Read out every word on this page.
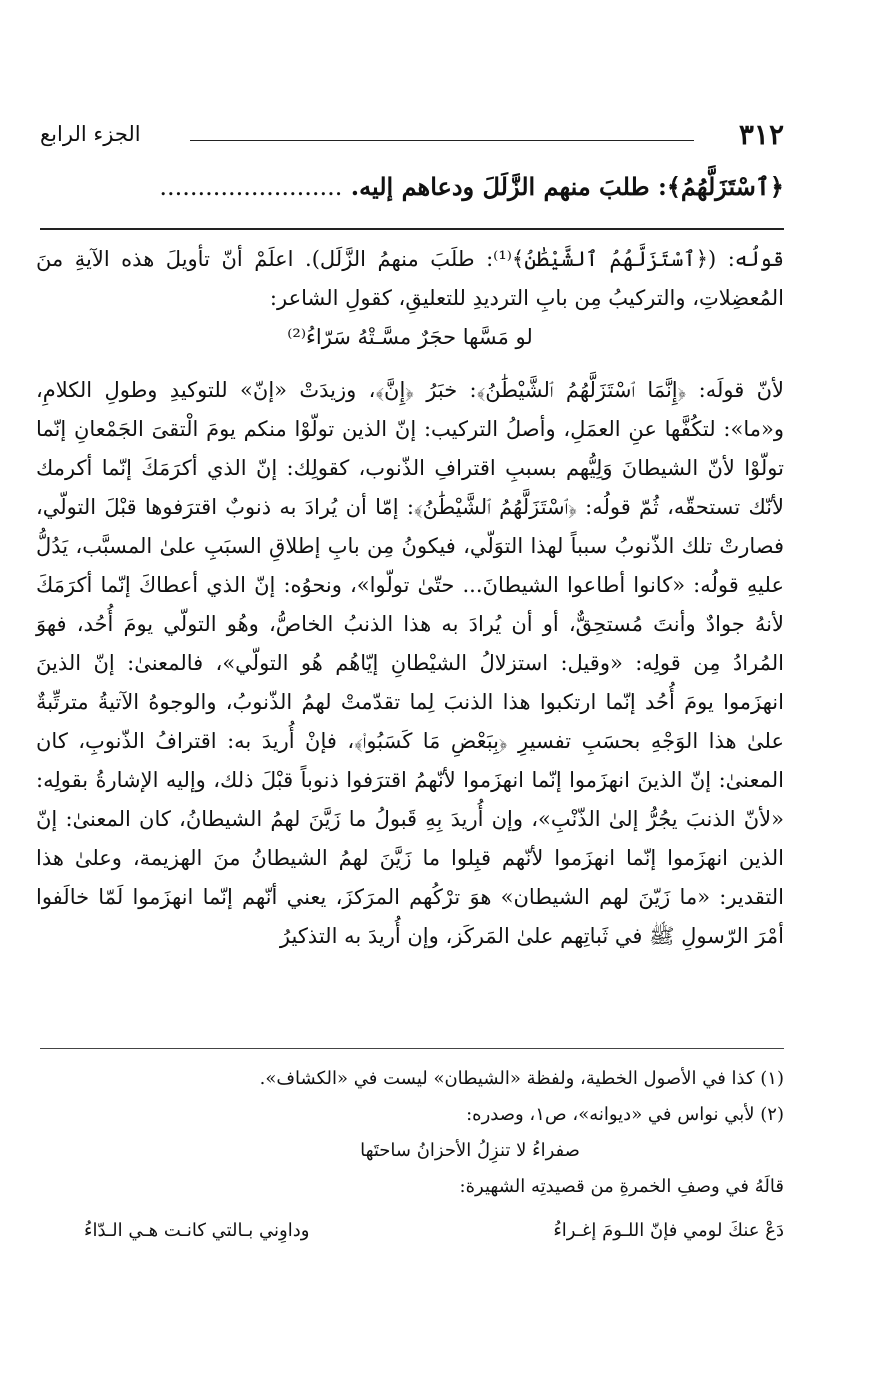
٣١٢
الجزء الرابع
﴿ٱسْتَزَلَّهُمُ﴾: طلبَ منهم الزَّلَلَ ودعاهم إليه. ........................

قولُه: (﴿ٱسْتَزَلَّهُمُ ٱلشَّيْطَٰنُ﴾⁽¹⁾: طلَبَ منهمُ الزَّلَل). اعلَمْ أنّ تأويلَ هذه الآيةِ منَ المُعضِلاتِ، والتركيبُ مِن بابِ الترديدِ للتعليقِ، كقولِ الشاعر:

لو مَسَّها حجَرٌ مسَّـتْهُ سَرّاءُ⁽²⁾

لأنّ قولَه: ﴿إِنَّمَا ٱسْتَزَلَّهُمُ ٱلشَّيْطَٰنُ﴾: خبَرُ ﴿إِنَّ﴾، وزيدَتْ «إنّ» للتوكيدِ وطولِ الكلامِ، و«ما»: لتكُفَّها عنِ العمَلِ، وأصلُ التركيب: إنّ الذين تولّوْا منكم يومَ الْتقىَ الجَمْعانِ إنّما تولّوْا لأنّ الشيطانَ وَلِيُّهم بسببِ اقترافِ الذّنوب، كقولِك: إنّ الذي أكرَمَكَ إنّما أكرمك لأنّك تستحقّه، ثُمّ قولُه: ﴿ٱسْتَزَلَّهُمُ ٱلشَّيْطَٰنُ﴾: إمّا أن يُرادَ به ذنوبٌ اقترَفوها قبْلَ التولّي، فصارتْ تلك الذّنوبُ سبباً لهذا التوَلّي، فيكونُ مِن بابِ إطلاقِ السبَبِ علىٰ المسبَّب، يَدُلُّ عليهِ قولُه: «كانوا أطاعوا الشيطانَ... حتّىٰ تولّوا»، ونحوُه: إنّ الذي أعطاكَ إنّما أكرَمَكَ لأنهُ جوادٌ وأنتَ مُستحِقٌّ، أو أن يُرادَ به هذا الذنبُ الخاصُّ، وهُو التولّي يومَ أُحُد، فهوَ المُرادُ مِن قولِه: «وقيل: استزلالُ الشيْطانِ إيّاهُم هُو التولّي»، فالمعنىٰ: إنّ الذينَ انهزَموا يومَ أُحُد إنّما ارتكبوا هذا الذنبَ لِما تقدّمتْ لهمُ الذّنوبُ، والوجوهُ الآتيةُ مترتِّبةٌ علىٰ هذا الوَجْهِ بحسَبِ تفسيرِ ﴿بِبَعْضِ مَا كَسَبُوا۟﴾، فإنْ أُريدَ به: اقترافُ الذّنوبِ، كان المعنىٰ: إنّ الذينَ انهزَموا إنّما انهزَموا لأنّهمُ اقترَفوا ذنوباً قبْلَ ذلك، وإليه الإشارةُ بقولِه: «لأنّ الذنبَ يجُرُّ إلىٰ الذّنْبِ»، وإن أُريدَ بِهِ قَبولُ ما زَيَّنَ لهمُ الشيطانُ، كان المعنىٰ: إنّ الذين انهزَموا إنّما انهزَموا لأنّهم قبِلوا ما زَيَّنَ لهمُ الشيطانُ منَ الهزيمة، وعلىٰ هذا التقدير: «ما زَيّنَ لهم الشيطان» هوَ ترْكُهم المرَكزَ، يعني أنّهم إنّما انهزَموا لَمّا خالَفوا أمْرَ الرّسولِ ﷺ في ثَباتِهم علىٰ المَركَز، وإن أُريدَ به التذكيرُ

(١) كذا في الأصول الخطية، ولفظة «الشيطان» ليست في «الكشاف».

(٢) لأبي نواس في «ديوانه»، ص١، وصدره:

صفراءُ لا تنزِلُ الأحزانُ ساحتَها

قالَهُ في وصفِ الخمرةِ من قصيدتِه الشهيرة:

دَعْ عنكَ لومي فإنّ اللـومَ إغـراءُ
وداوِني بـالتي كانـت هـي الـدّاءُ
